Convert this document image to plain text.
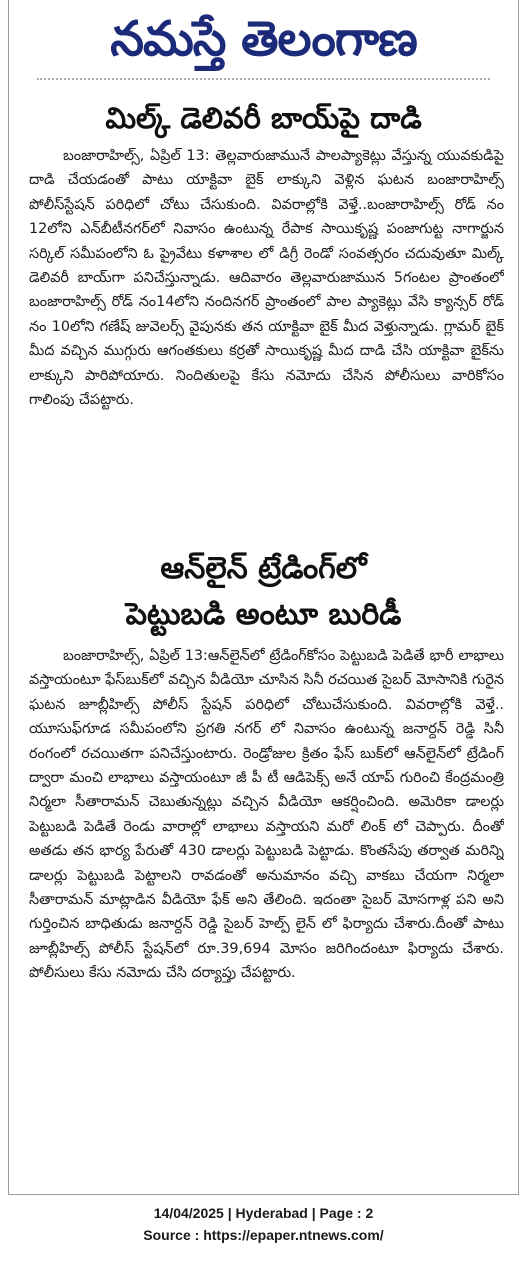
నమస్తే తెలంగాణ
మిల్క్‌ డెలివరీ బాయ్‌పై దాడి
బంజారాహిల్స్‌, ఏప్రిల్‌ 13: తెల్లవారుజామునే పాలప్యాకెట్లు వేస్తున్న యువకుడిపై దాడి చేయడంతో పాటు యాక్టివా బైక్‌ లాక్కుని వెళ్లిన ఘటన బంజారాహిల్స్‌ పోలీస్‌స్టేషన్‌ పరిధిలో చోటు చేసుకుంది. వివరాల్లోకి వెళ్తే..బంజారాహిల్స్‌ రోడ్‌ నం 12లోని ఎన్‌బీటీనగర్‌లో నివాసం ఉంటున్న రేపాక సాయికృష్ణ పంజాగుట్ట నాగార్జున సర్కిల్‌ సమీపంలోని ఓ ప్రైవేటు కళాశాల లో డిగ్రీ రెండో సంవత్సరం చదువుతూ మిల్క్‌ డెలివరీ బాయ్‌గా పనిచేస్తున్నాడు. ఆదివారం తెల్లవారుజామున 5గంటల ప్రాంతంలో బంజారాహిల్స్‌ రోడ్‌ నం14లోని నందినగర్‌ ప్రాంతంలో పాల ప్యాకెట్లు వేసి క్యాన్సర్‌ రోడ్‌ నం 10లోని గణేష్‌ జువెలర్స్‌ వైపునకు తన యాక్టివా బైక్‌ మీద వెళ్తున్నాడు. గ్లామర్‌ బైక్‌ మీద వచ్చిన ముగ్గురు ఆగంతకులు కర్రతో సాయికృష్ణ మీద దాడి చేసి యాక్టివా బైక్‌ను లాక్కుని పారిపోయారు. నిందితులపై కేసు నమోదు చేసిన పోలీసులు వారికోసం గాలింపు చేపట్టారు.
ఆన్‌లైన్‌ ట్రేడింగ్‌లో
పెట్టుబడి అంటూ బురిడీ
బంజారాహిల్స్‌, ఏప్రిల్‌ 13:ఆన్‌లైన్‌లో ట్రేడింగ్‌కోసం పెట్టుబడి పెడితే భారీ లాభాలు వస్తాయంటూ ఫేస్‌బుక్‌లో వచ్చిన వీడియో చూసిన సినీ రచయిత సైబర్‌ మోసానికి గురైన ఘటన జూబ్లీహిల్స్‌ పోలీస్‌ స్టేషన్‌ పరిధిలో చోటుచేసుకుంది. వివరాల్లోకి వెళ్తే.. యూసుఫ్‌గూడ సమీపంలోని ప్రగతి నగర్‌ లో నివాసం ఉంటున్న జనార్దన్‌ రెడ్డి సినీ రంగంలో రచయితగా పనిచేస్తుంటారు. రెండ్రోజుల క్రితం ఫేస్‌ బుక్‌లో ఆన్‌లైన్‌లో ట్రేడింగ్‌ ద్వారా మంచి లాభాలు వస్తాయంటూ జీ పీ టీ ఆడిపెక్స్‌ అనే యాప్‌ గురించి కేంద్రమంత్రి నిర్మలా సీతారామన్‌ చెబుతున్నట్లు వచ్చిన వీడియో ఆకర్షించింది. అమెరికా డాలర్లు పెట్టుబడి పెడితే రెండు వారాల్లో లాభాలు వస్తాయని మరో లింక్‌ లో చెప్పారు. దీంతో అతడు తన భార్య పేరుతో 430 డాలర్లు పెట్టుబడి పెట్టాడు. కొంతసేపు తర్వాత మరిన్ని డాలర్లు పెట్టుబడి పెట్టాలని రావడంతో అనుమానం వచ్చి వాకబు చేయగా నిర్మలా సీతారామన్‌ మాట్లాడిన వీడియో ఫేక్‌ అని తేలింది. ఇదంతా సైబర్‌ మోసగాళ్ల పని అని గుర్తించిన బాధితుడు జనార్దన్‌ రెడ్డి సైబర్‌ హెల్ప్‌ లైన్‌ లో ఫిర్యాదు చేశారు.దీంతో పాటు జూబ్లీహిల్స్‌ పోలీస్‌ స్టేషన్‌లో రూ.39,694 మోసం జరిగిందంటూ ఫిర్యాదు చేశారు. పోలీసులు కేసు నమోదు చేసి దర్యాప్తు చేపట్టారు.
14/04/2025 | Hyderabad | Page : 2
Source : https://epaper.ntnews.com/
